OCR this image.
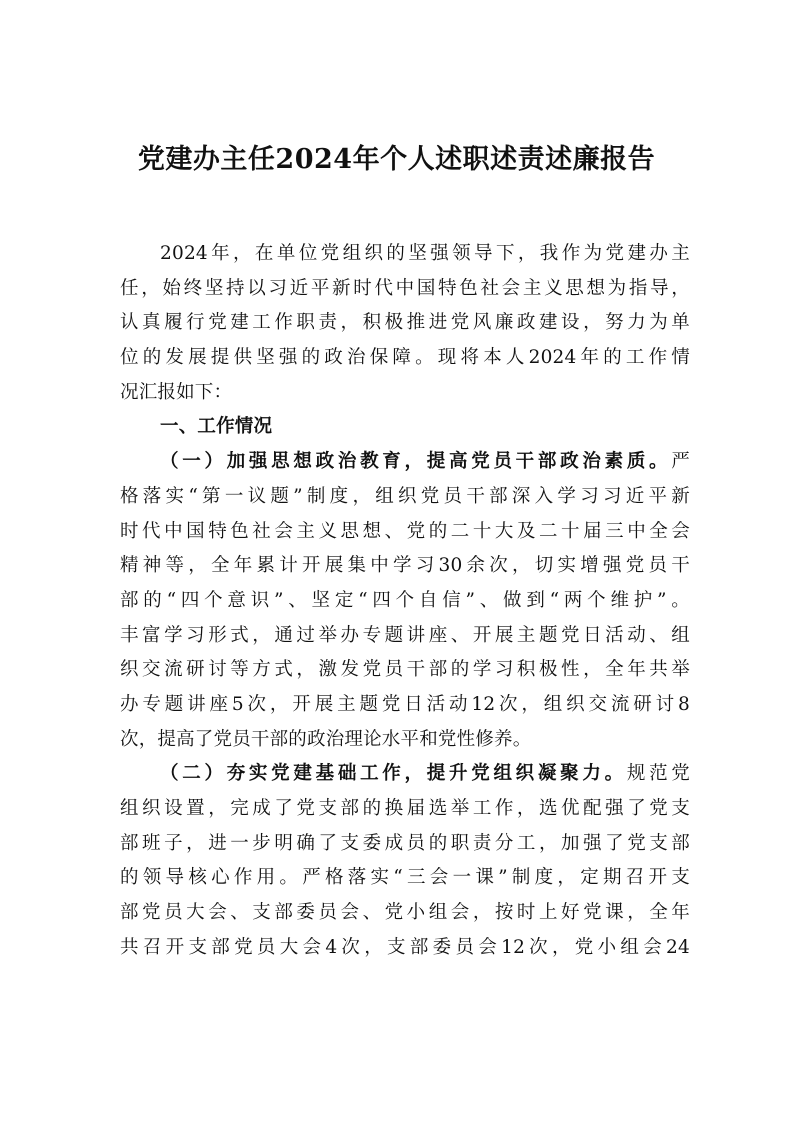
党建办主任2024年个人述职述责述廉报告
2024年，在单位党组织的坚强领导下，我作为党建办主
任，始终坚持以习近平新时代中国特色社会主义思想为指导，
认真履行党建工作职责，积极推进党风廉政建设，努力为单
位的发展提供坚强的政治保障。现将本人2024年的工作情
况汇报如下：
一、工作情况
（一）加强思想政治教育，提高党员干部政治素质。严
格落实“第一议题”制度，组织党员干部深入学习习近平新
时代中国特色社会主义思想、党的二十大及二十届三中全会
精神等，全年累计开展集中学习30余次，切实增强党员干
部的“四个意识”、坚定“四个自信”、做到“两个维护”。
丰富学习形式，通过举办专题讲座、开展主题党日活动、组
织交流研讨等方式，激发党员干部的学习积极性，全年共举
办专题讲座5次，开展主题党日活动12次，组织交流研讨8
次，提高了党员干部的政治理论水平和党性修养。
（二）夯实党建基础工作，提升党组织凝聚力。规范党
组织设置，完成了党支部的换届选举工作，选优配强了党支
部班子，进一步明确了支委成员的职责分工，加强了党支部
的领导核心作用。严格落实“三会一课”制度，定期召开支
部党员大会、支部委员会、党小组会，按时上好党课，全年
共召开支部党员大会4次，支部委员会12次，党小组会24
